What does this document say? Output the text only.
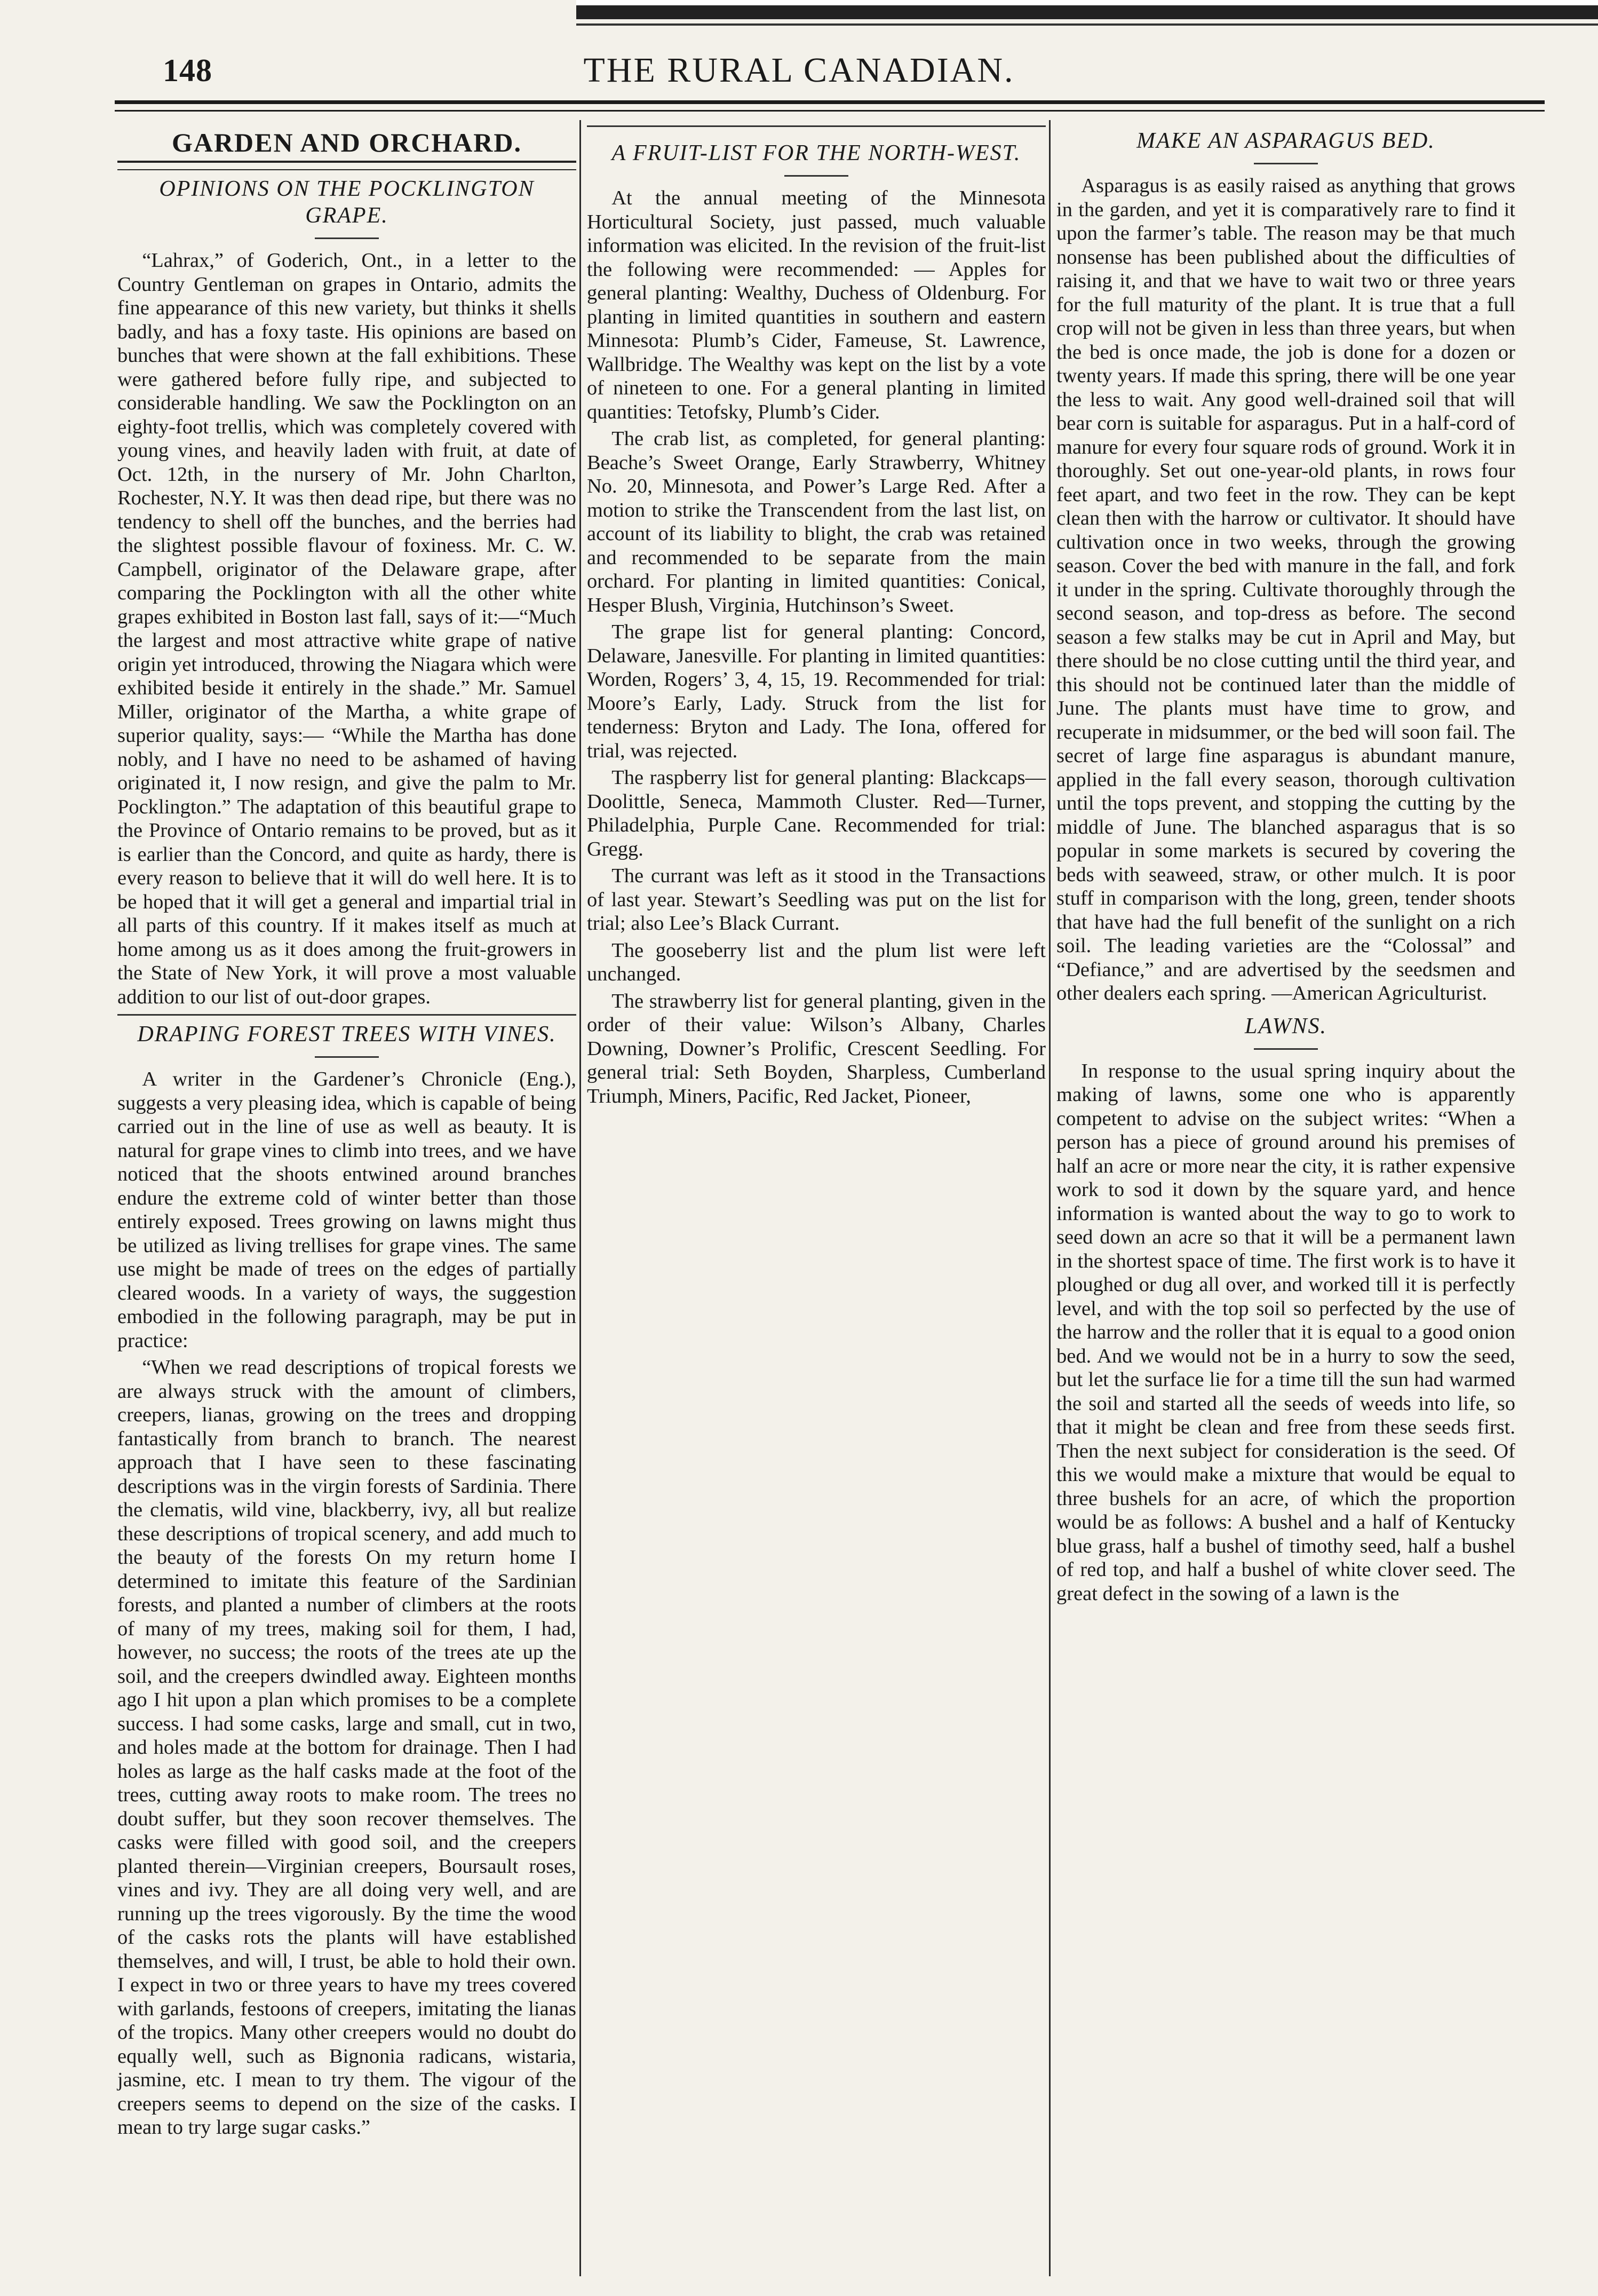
148	THE RURAL CANADIAN.
GARDEN AND ORCHARD.
OPINIONS ON THE POCKLINGTON GRAPE.

“Lahrax,” of Goderich, Ont., in a letter to the Country Gentleman on grapes in Ontario, admits the fine appearance of this new variety, but thinks it shells badly, and has a foxy taste. His opinions are based on bunches that were shown at the fall exhibitions. These were gathered before fully ripe, and subjected to considerable handling. We saw the Pocklington on an eighty-foot trellis, which was completely covered with young vines, and heavily laden with fruit, at date of Oct. 12th, in the nursery of Mr. John Charlton, Rochester, N.Y. It was then dead ripe, but there was no tendency to shell off the bunches, and the berries had the slightest possible flavour of foxiness. Mr. C. W. Campbell, originator of the Delaware grape, after comparing the Pocklington with all the other white grapes exhibited in Boston last fall, says of it:—“Much the largest and most attractive white grape of native origin yet introduced, throwing the Niagara which were exhibited beside it entirely in the shade.” Mr. Samuel Miller, originator of the Martha, a white grape of superior quality, says:— “While the Martha has done nobly, and I have no need to be ashamed of having originated it, I now resign, and give the palm to Mr. Pocklington.” The adaptation of this beautiful grape to the Province of Ontario remains to be proved, but as it is earlier than the Concord, and quite as hardy, there is every reason to believe that it will do well here. It is to be hoped that it will get a general and impartial trial in all parts of this country. If it makes itself as much at home among us as it does among the fruit-growers in the State of New York, it will prove a most valuable addition to our list of out-door grapes.

DRAPING FOREST TREES WITH VINES.

A writer in the Gardener’s Chronicle (Eng.), suggests a very pleasing idea, which is capable of being carried out in the line of use as well as beauty. It is natural for grape vines to climb into trees, and we have noticed that the shoots entwined around branches endure the extreme cold of winter better than those entirely exposed. Trees growing on lawns might thus be utilized as living trellises for grape vines. The same use might be made of trees on the edges of partially cleared woods. In a variety of ways, the suggestion embodied in the following paragraph, may be put in practice:

“When we read descriptions of tropical forests we are always struck with the amount of climbers, creepers, lianas, growing on the trees and dropping fantastically from branch to branch. The nearest approach that I have seen to these fascinating descriptions was in the virgin forests of Sardinia. There the clematis, wild vine, blackberry, ivy, all but realize these descriptions of tropical scenery, and add much to the beauty of the forests On my return home I determined to imitate this feature of the Sardinian forests, and planted a number of climbers at the roots of many of my trees, making soil for them, I had, however, no success; the roots of the trees ate up the soil, and the creepers dwindled away. Eighteen months ago I hit upon a plan which promises to be a complete success. I had some casks, large and small, cut in two, and holes made at the bottom for drainage. Then I had holes as large as the half casks made at the foot of the trees, cutting away roots to make room. The trees no doubt suffer, but they soon recover themselves. The casks were filled with good soil, and the creepers planted therein—Virginian creepers, Boursault roses, vines and ivy. They are all doing very well, and are running up the trees vigorously. By the time the wood of the casks rots the plants will have established themselves, and will, I trust, be able to hold their own. I expect in two or three years to have my trees covered with garlands, festoons of creepers, imitating the lianas of the tropics. Many other creepers would no doubt do equally well, such as Bignonia radicans, wistaria, jasmine, etc. I mean to try them. The vigour of the creepers seems to depend on the size of the casks. I mean to try large sugar casks.”

A FRUIT-LIST FOR THE NORTH-WEST.

At the annual meeting of the Minnesota Horticultural Society, just passed, much valuable information was elicited. In the revision of the fruit-list the following were recommended: — Apples for general planting: Wealthy, Duchess of Oldenburg. For planting in limited quantities in southern and eastern Minnesota: Plumb’s Cider, Fameuse, St. Lawrence, Wallbridge. The Wealthy was kept on the list by a vote of nineteen to one. For a general planting in limited quantities: Tetofsky, Plumb’s Cider.

The crab list, as completed, for general planting: Beache’s Sweet Orange, Early Strawberry, Whitney No. 20, Minnesota, and Power’s Large Red. After a motion to strike the Transcendent from the last list, on account of its liability to blight, the crab was retained and recommended to be separate from the main orchard. For planting in limited quantities: Conical, Hesper Blush, Virginia, Hutchinson’s Sweet.

The grape list for general planting: Concord, Delaware, Janesville. For planting in limited quantities: Worden, Rogers’ 3, 4, 15, 19. Recommended for trial: Moore’s Early, Lady. Struck from the list for tenderness: Bryton and Lady. The Iona, offered for trial, was rejected.

The raspberry list for general planting: Blackcaps—Doolittle, Seneca, Mammoth Cluster. Red—Turner, Philadelphia, Purple Cane. Recommended for trial: Gregg.

The currant was left as it stood in the Transactions of last year. Stewart’s Seedling was put on the list for trial; also Lee’s Black Currant.

The gooseberry list and the plum list were left unchanged.

The strawberry list for general planting, given in the order of their value: Wilson’s Albany, Charles Downing, Downer’s Prolific, Crescent Seedling. For general trial: Seth Boyden, Sharpless, Cumberland Triumph, Miners, Pacific, Red Jacket, Pioneer,

MAKE AN ASPARAGUS BED.

Asparagus is as easily raised as anything that grows in the garden, and yet it is comparatively rare to find it upon the farmer’s table. The reason may be that much nonsense has been published about the difficulties of raising it, and that we have to wait two or three years for the full maturity of the plant. It is true that a full crop will not be given in less than three years, but when the bed is once made, the job is done for a dozen or twenty years. If made this spring, there will be one year the less to wait. Any good well-drained soil that will bear corn is suitable for asparagus. Put in a half-cord of manure for every four square rods of ground. Work it in thoroughly. Set out one-year-old plants, in rows four feet apart, and two feet in the row. They can be kept clean then with the harrow or cultivator. It should have cultivation once in two weeks, through the growing season. Cover the bed with manure in the fall, and fork it under in the spring. Cultivate thoroughly through the second season, and top-dress as before. The second season a few stalks may be cut in April and May, but there should be no close cutting until the third year, and this should not be continued later than the middle of June. The plants must have time to grow, and recuperate in midsummer, or the bed will soon fail. The secret of large fine asparagus is abundant manure, applied in the fall every season, thorough cultivation until the tops prevent, and stopping the cutting by the middle of June. The blanched asparagus that is so popular in some markets is secured by covering the beds with seaweed, straw, or other mulch. It is poor stuff in comparison with the long, green, tender shoots that have had the full benefit of the sunlight on a rich soil. The leading varieties are the “Colossal” and “Defiance,” and are advertised by the seedsmen and other dealers each spring. —American Agriculturist.

LAWNS.

In response to the usual spring inquiry about the making of lawns, some one who is apparently competent to advise on the subject writes: “When a person has a piece of ground around his premises of half an acre or more near the city, it is rather expensive work to sod it down by the square yard, and hence information is wanted about the way to go to work to seed down an acre so that it will be a permanent lawn in the shortest space of time. The first work is to have it ploughed or dug all over, and worked till it is perfectly level, and with the top soil so perfected by the use of the harrow and the roller that it is equal to a good onion bed. And we would not be in a hurry to sow the seed, but let the surface lie for a time till the sun had warmed the soil and started all the seeds of weeds into life, so that it might be clean and free from these seeds first. Then the next subject for consideration is the seed. Of this we would make a mixture that would be equal to three bushels for an acre, of which the proportion would be as follows: A bushel and a half of Kentucky blue grass, half a bushel of timothy seed, half a bushel of red top, and half a bushel of white clover seed. The great defect in the sowing of a lawn is the
